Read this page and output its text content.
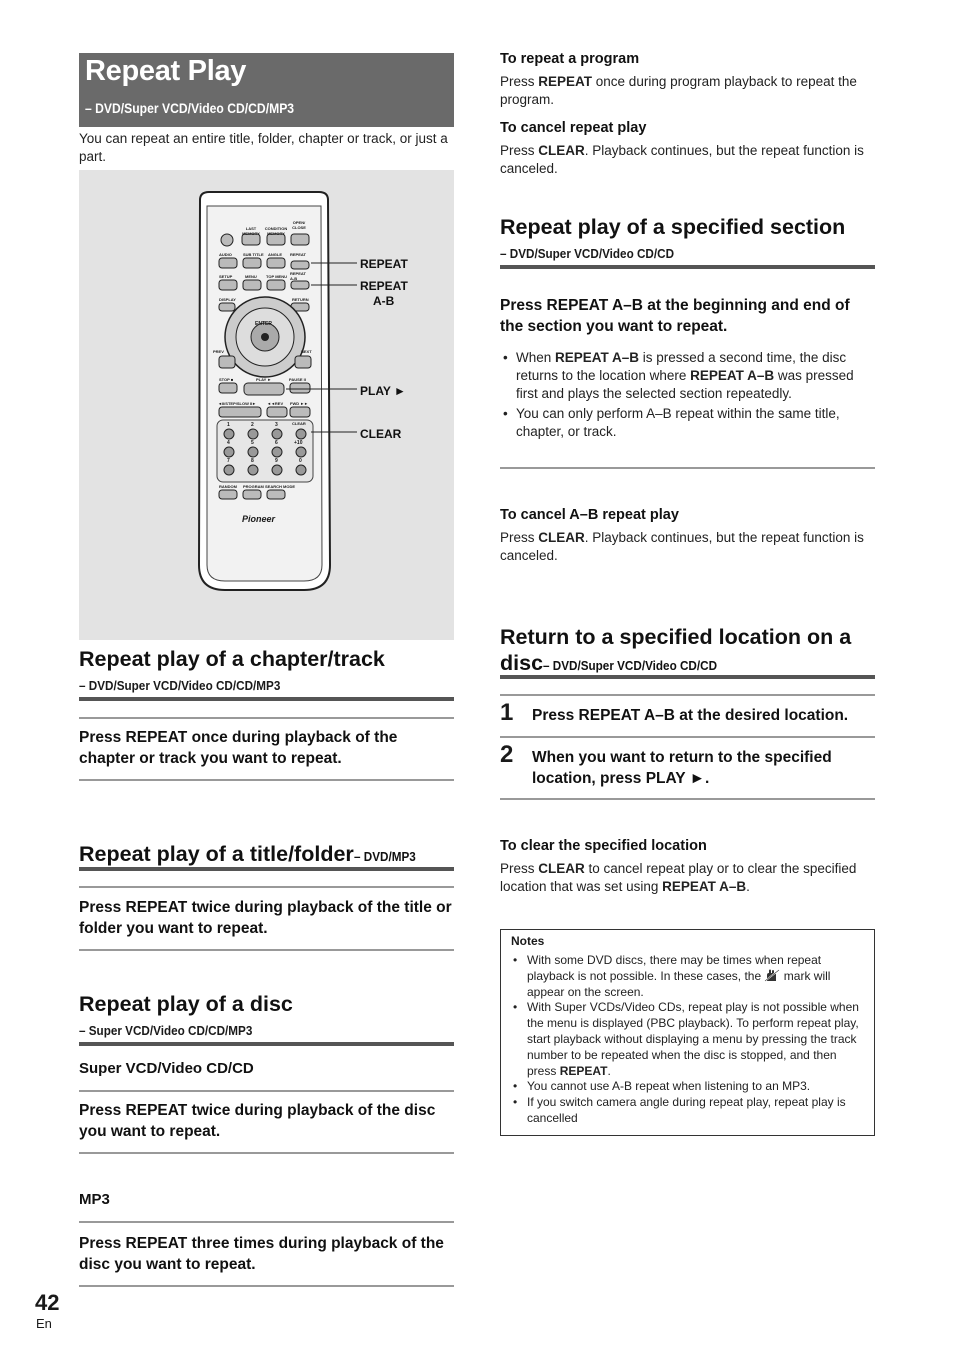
Repeat Play
– DVD/Super VCD/Video CD/CD/MP3
You can repeat an entire title, folder, chapter or track, or just a part.
OPEN/ CLOSE
LAST MEMORY
CONDITION MEMORY
AUDIO	SUB TITLE ANGLE REPEAT
SETUP	MENU TOP MENU
REPEAT A-B
DISPLAY	RETURN
ENTER
PREV	NEXT
STOP ■	PLAY ►	PAUSE II
◄II/STEP/SLOW II►	◄◄REV FWD ►►
CLEAR
1	2	3
4	5	6	+10
7	8	9	0
RANDOM PROGRAM SEARCH MODE
Pioneer
REPEAT
REPEAT
A-B
PLAY ►
CLEAR
Repeat play of a chapter/track
– DVD/Super VCD/Video CD/CD/MP3
Press REPEAT once during playback of the chapter or track you want to repeat.
Repeat play of a title/folder– DVD/MP3
Press REPEAT twice during playback of the title or folder you want to repeat.
Repeat play of a disc
– Super VCD/Video CD/CD/MP3
Super VCD/Video CD/CD
Press REPEAT twice during playback of the disc you want to repeat.
MP3
Press REPEAT three times during playback of the disc you want to repeat.
To repeat a program
Press REPEAT once during program playback to repeat the program.
To cancel repeat play
Press CLEAR. Playback continues, but the repeat function is canceled.
Repeat play of a specified section
– DVD/Super VCD/Video CD/CD
Press REPEAT A–B at the beginning and end of the section you want to repeat.
• When REPEAT A–B is pressed a second time, the disc returns to the location where REPEAT A–B was pressed first and plays the selected section repeatedly.
• You can only perform A–B repeat within the same title, chapter, or track.
To cancel A–B repeat play
Press CLEAR. Playback continues, but the repeat function is canceled.
Return to a specified location on a
disc– DVD/Super VCD/Video CD/CD
1 Press REPEAT A–B at the desired location.
2 When you want to return to the specified location, press PLAY ►.
To clear the specified location
Press CLEAR to cancel repeat play or to clear the specified location that was set using REPEAT A–B.
Notes
• With some DVD discs, there may be times when repeat playback is not possible. In these cases, the  mark will appear on the screen.
• With Super VCDs/Video CDs, repeat play is not possible when the menu is displayed (PBC playback). To perform repeat play, start playback without displaying a menu by pressing the track number to be repeated when the disc is stopped, and then press REPEAT.
• You cannot use A-B repeat when listening to an MP3.
• If you switch camera angle during repeat play, repeat play is cancelled
42
En
